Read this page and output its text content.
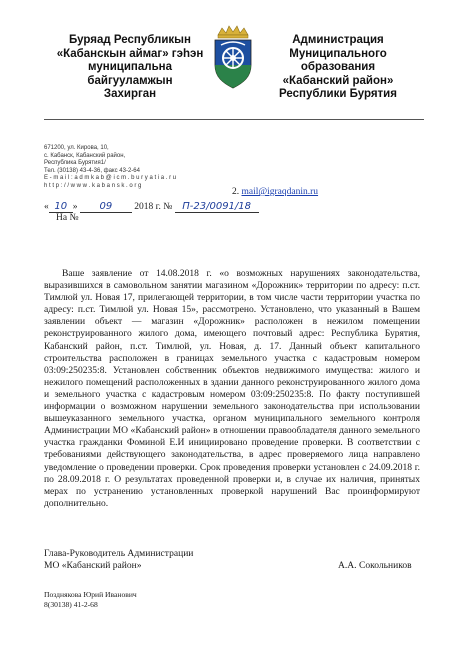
Буряад Республикын
«Кабанскын аймаг» гэһэн
муниципальна
байгууламжын
Захирган
Администрация
Муниципального
образования
«Кабанский район»
Республики Бурятия
671200, ул. Кирова, 10,
с. Кабанск, Кабанский район,
Республика Бурятия1/
Тел. (30138) 43-4-36, факс 43-2-64
E - m a i l : a d m k a b @ i c m . b u r y a t i a . r u
h t t p : / / w w w . k a b a n s k . o r g
2. mail@igraqdanin.ru
« 10 » 09 2018 г. № П-23/0091/18
На №

Ваше заявление от 14.08.2018 г. «о возможных нарушениях законодательства, выразившихся в самовольном занятии магазином «Дорожник» территории по адресу: п.ст. Тимлюй ул. Новая 17, прилегающей территории, в том числе части территории участка по адресу: п.ст. Тимлюй ул. Новая 15», рассмотрено. Установлено, что указанный в Вашем заявлении объект — магазин «Дорожник» расположен в нежилом помещении реконструированного жилого дома, имеющего почтовый адрес: Республика Бурятия, Кабанский район, п.ст. Тимлюй, ул. Новая, д. 17. Данный объект капитального строительства расположен в границах земельного участка с кадастровым номером 03:09:250235:8. Установлен собственник объектов недвижимого имущества: жилого и нежилого помещений расположенных в здании данного реконструированного жилого дома и земельного участка с кадастровым номером 03:09:250235:8. По факту поступившей информации о возможном нарушении земельного законодательства при использовании вышеуказанного земельного участка, органом муниципального земельного контроля Администрации МО «Кабанский район» в отношении правообладателя данного земельного участка гражданки Фоминой Е.И инициировано проведение проверки. В соответствии с требованиями действующего законодательства, в адрес проверяемого лица направлено уведомление о проведении проверки. Срок проведения проверки установлен с 24.09.2018 г. по 28.09.2018 г. О результатах проведенной проверки и, в случае их наличия, принятых мерах по устранению установленных проверкой нарушений Вас проинформируют дополнительно.

Глава-Руководитель Администрации
МО «Кабанский район»	А.А. Сокольников
Позднякова Юрий Иванович
8(30138) 41-2-68
